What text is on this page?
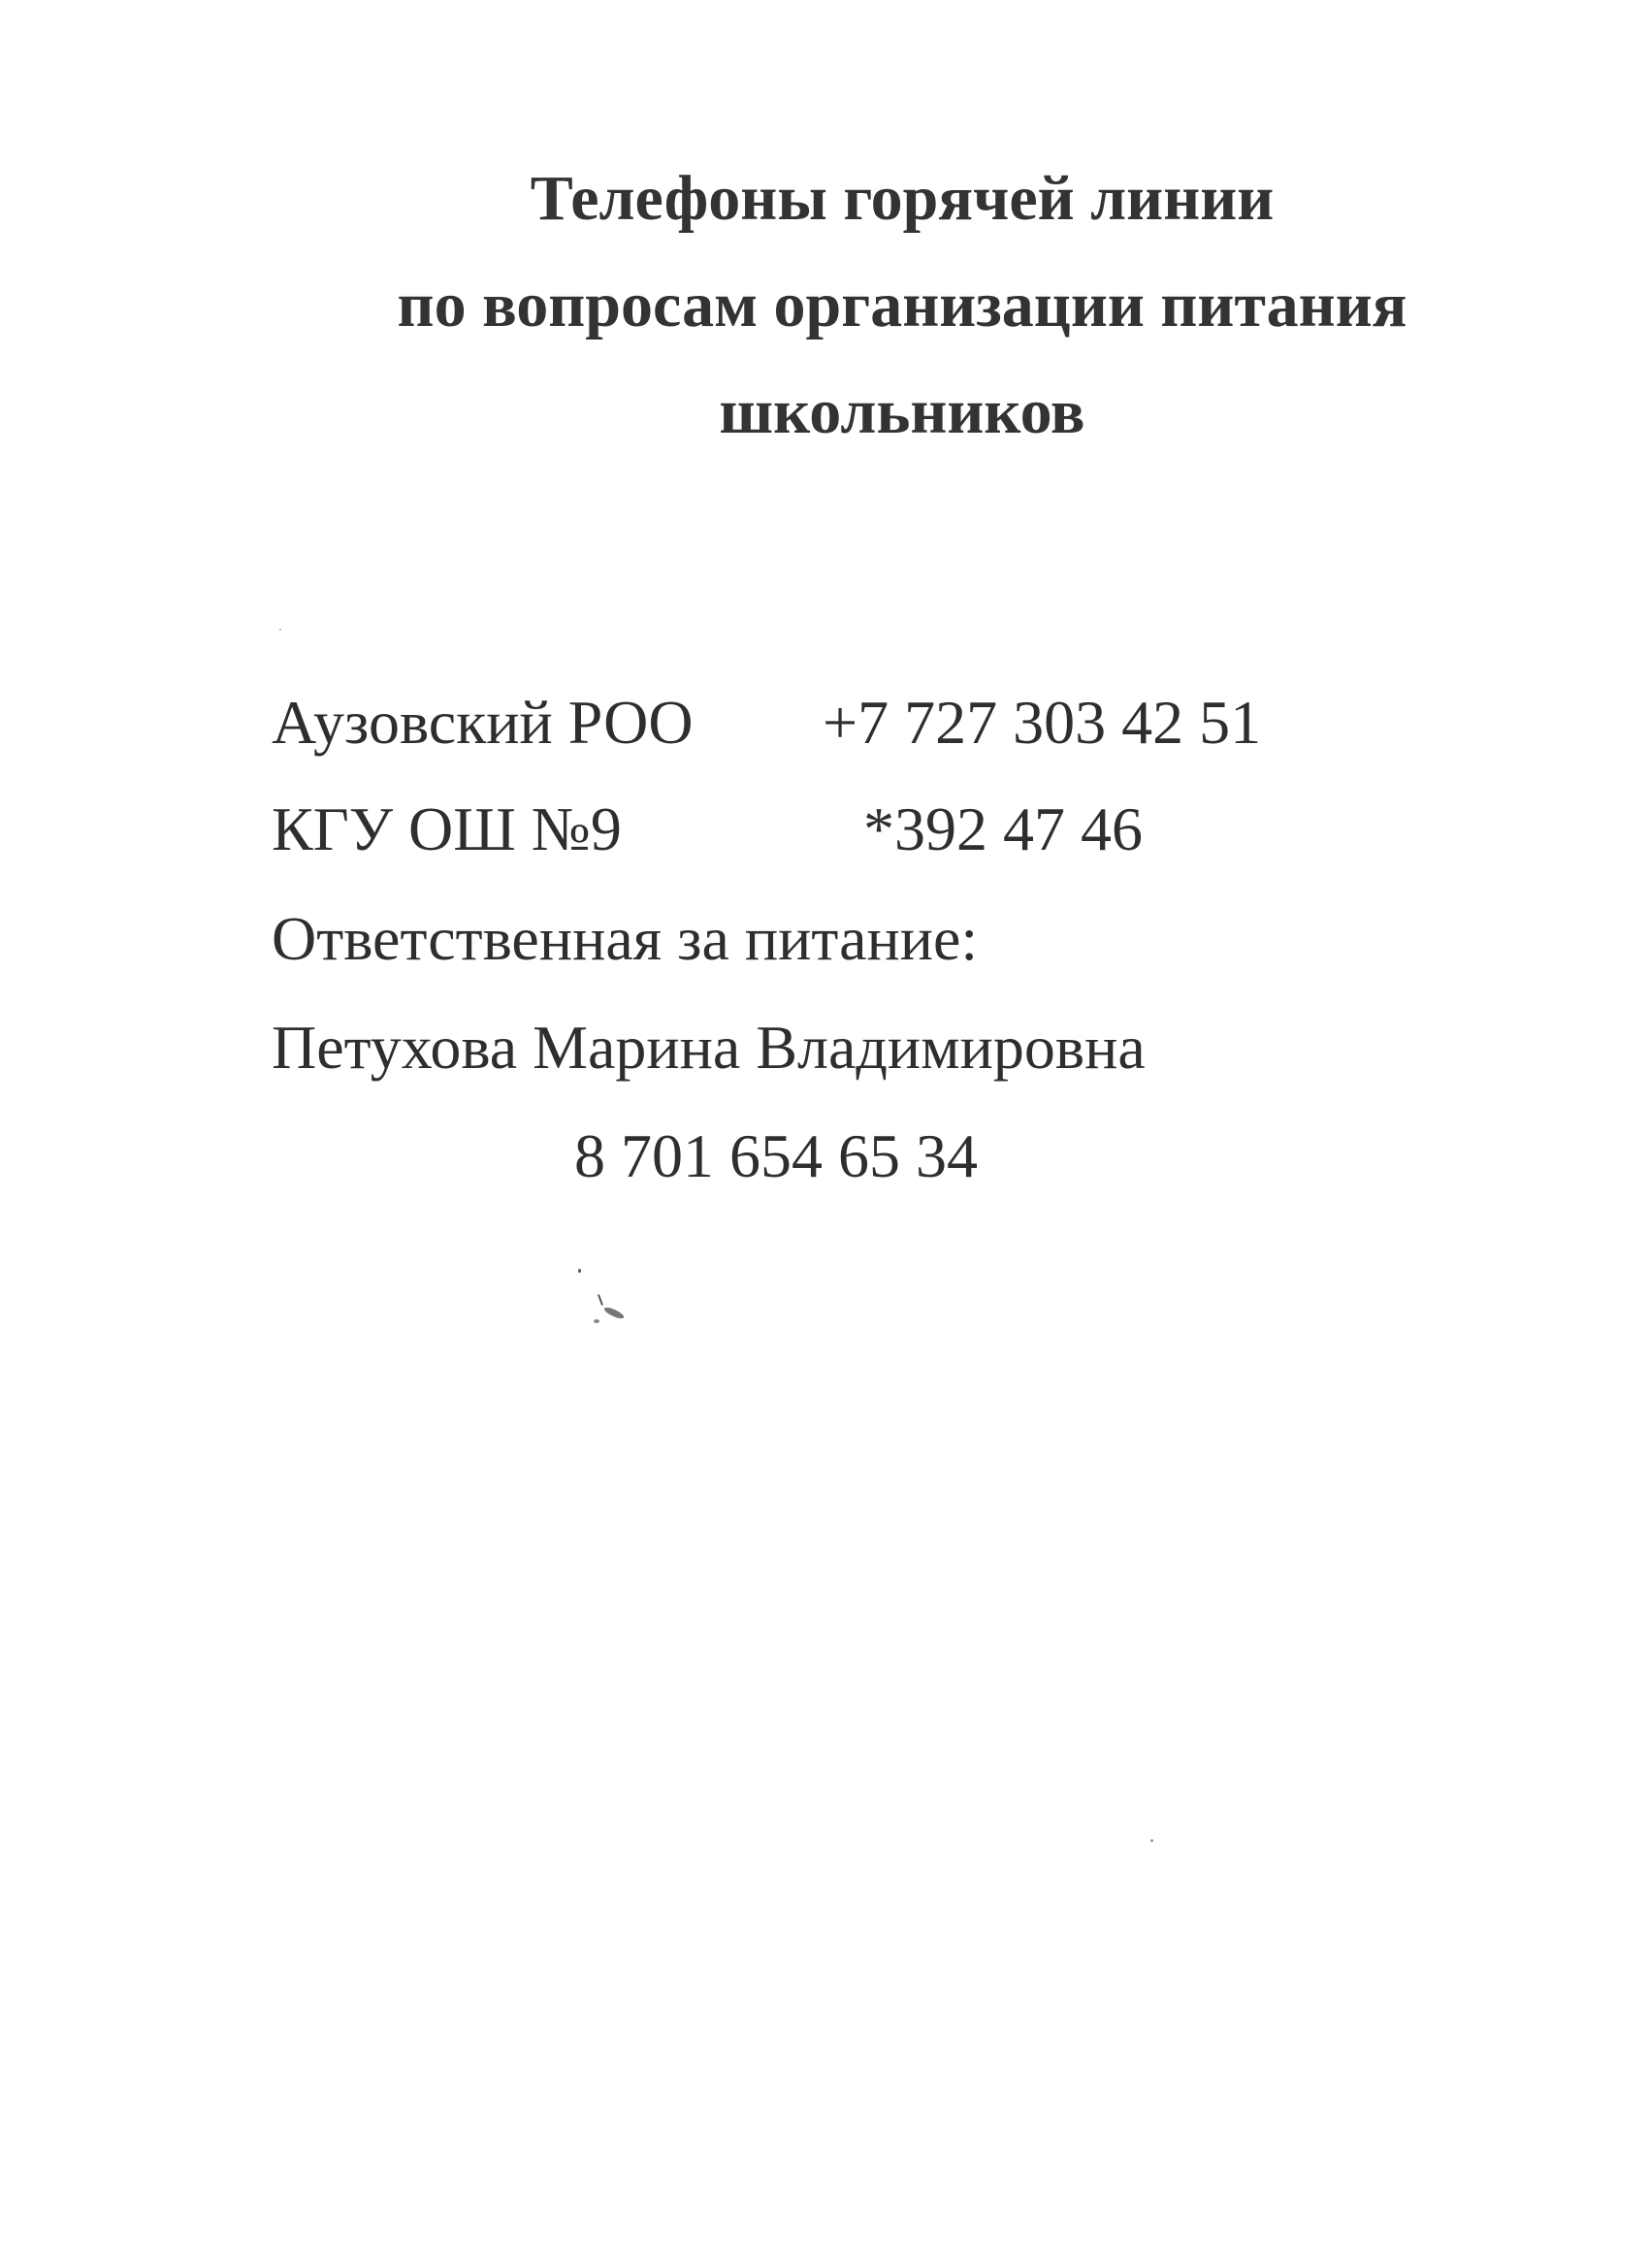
Телефоны горячей линии
по вопросам организации питания
школьников
Аузовский РОО +7 727 303 42 51
КГУ ОШ №9	*392 47 46
Ответственная за питание:
Петухова Марина Владимировна
8 701 654 65 34
